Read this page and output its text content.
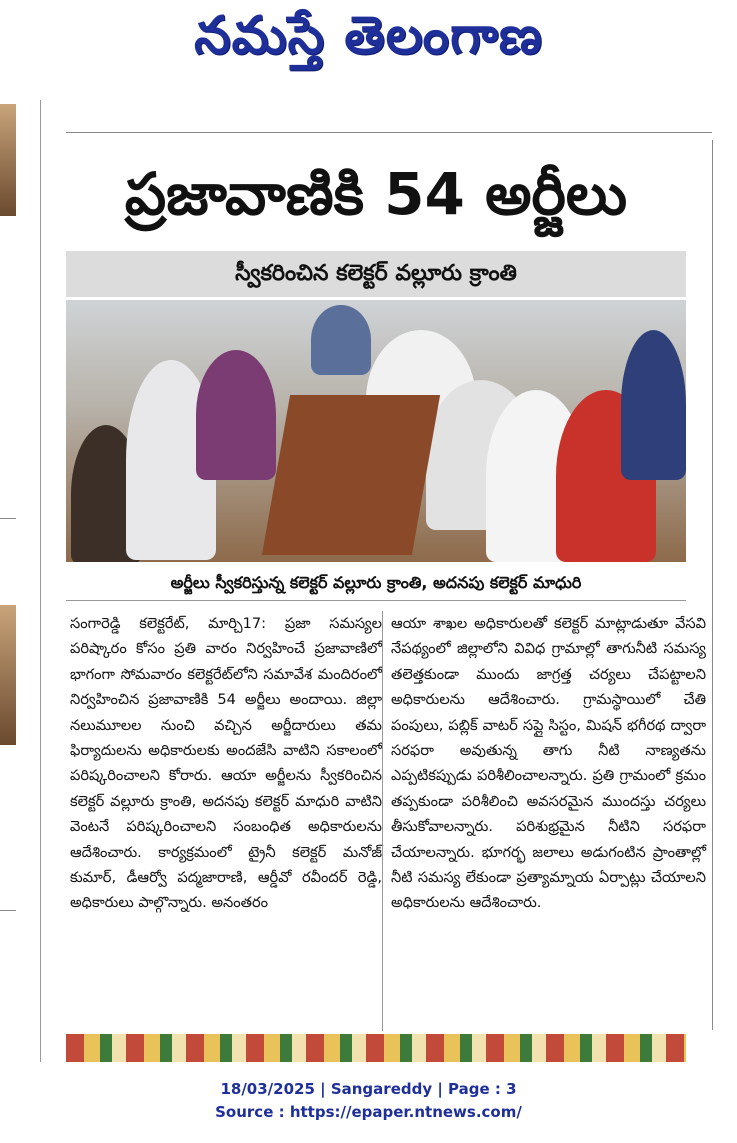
నమస్తే తెలంగాణ
ప్రజావాణికి 54 అర్జీలు
స్వీకరించిన కలెక్టర్ వల్లూరు క్రాంతి
అర్జీలు స్వీకరిస్తున్న కలెక్టర్ వల్లూరు క్రాంతి, అదనపు కలెక్టర్ మాధురి
సంగారెడ్డి కలెక్టరేట్, మార్చి17: ప్రజా సమస్యల పరిష్కారం కోసం ప్రతి వారం నిర్వహించే ప్రజావాణిలో భాగంగా సోమవారం కలెక్టరేట్‌లోని సమావేశ మందిరంలో నిర్వహించిన ప్రజావాణికి 54 అర్జీలు అందాయి. జిల్లా నలుమూలల నుంచి వచ్చిన అర్జీదారులు తమ ఫిర్యాదులను అధికారులకు అందజేసి వాటిని సకాలంలో పరిష్కరించాలని కోరారు. ఆయా అర్జీలను స్వీకరించిన కలెక్టర్ వల్లూరు క్రాంతి, అదనపు కలెక్టర్ మాధురి వాటిని వెంటనే పరిష్కరించాలని సంబంధిత అధికారులను ఆదేశించారు. కార్యక్రమంలో ట్రైనీ కలెక్టర్ మనోజ్ కుమార్, డీఆర్వో పద్మజారాణి, ఆర్డీవో రవీందర్ రెడ్డి, అధికారులు పాల్గొన్నారు. అనంతరం
ఆయా శాఖల అధికారులతో కలెక్టర్ మాట్లాడుతూ వేసవి నేపథ్యంలో జిల్లాలోని వివిధ గ్రామాల్లో తాగునీటి సమస్య తలెత్తకుండా ముందు జాగ్రత్త చర్యలు చేపట్టాలని అధికారులను ఆదేశించారు. గ్రామస్థాయిలో చేతి పంపులు, పబ్లిక్ వాటర్ సప్లై సిస్టం, మిషన్ భగీరథ ద్వారా సరఫరా అవుతున్న తాగు నీటి నాణ్యతను ఎప్పటికప్పుడు పరిశీలించాలన్నారు. ప్రతి గ్రామంలో క్రమం తప్పకుండా పరిశీలించి అవసరమైన ముందస్తు చర్యలు తీసుకోవాలన్నారు. పరిశుభ్రమైన నీటిని సరఫరా చేయాలన్నారు. భూగర్భ జలాలు అడుగంటిన ప్రాంతాల్లో నీటి సమస్య లేకుండా ప్రత్యామ్నాయ ఏర్పాట్లు చేయాలని అధికారులను ఆదేశించారు.
18/03/2025 | Sangareddy | Page : 3
Source : https://epaper.ntnews.com/
